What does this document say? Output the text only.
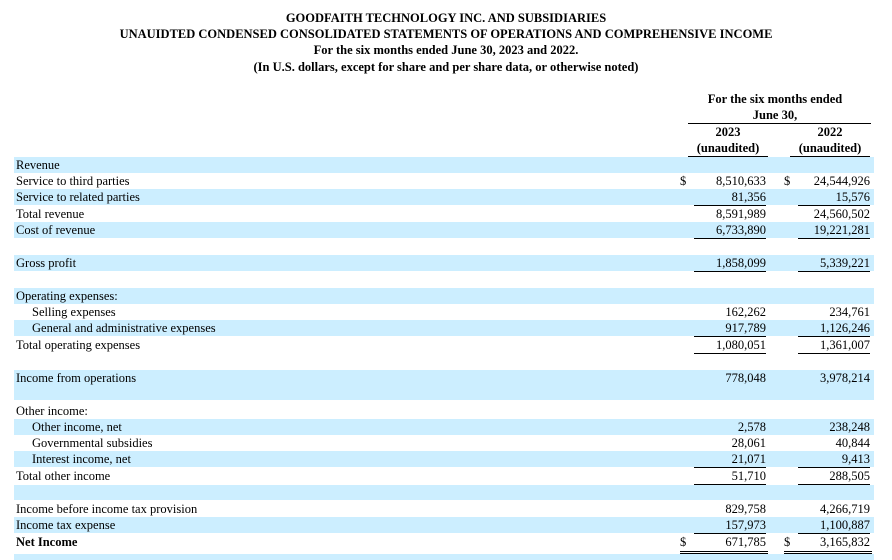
GOODFAITH TECHNOLOGY INC. AND SUBSIDIARIES
UNAUIDTED CONDENSED CONSOLIDATED STATEMENTS OF OPERATIONS AND COMPREHENSIVE INCOME
For the six months ended June 30, 2023 and 2022.
(In U.S. dollars, except for share and per share data, or otherwise noted)
For the six months ended
June 30,
2023	2022
(unaudited)	(unaudited)
Revenue
Service to third parties	$	8,510,633 $	24,544,926
Service to related parties	81,356	15,576
Total revenue	8,591,989	24,560,502
Cost of revenue	6,733,890	19,221,281
Gross profit	1,858,099	5,339,221
Operating expenses:
Selling expenses	162,262	234,761
General and administrative expenses	917,789	1,126,246
Total operating expenses	1,080,051	1,361,007
Income from operations	778,048	3,978,214
Other income:
Other income, net	2,578	238,248
Governmental subsidies	28,061	40,844
Interest income, net	21,071	9,413
Total other income	51,710	288,505
Income before income tax provision	829,758	4,266,719
Income tax expense	157,973	1,100,887
Net Income	$	671,785 $	3,165,832
